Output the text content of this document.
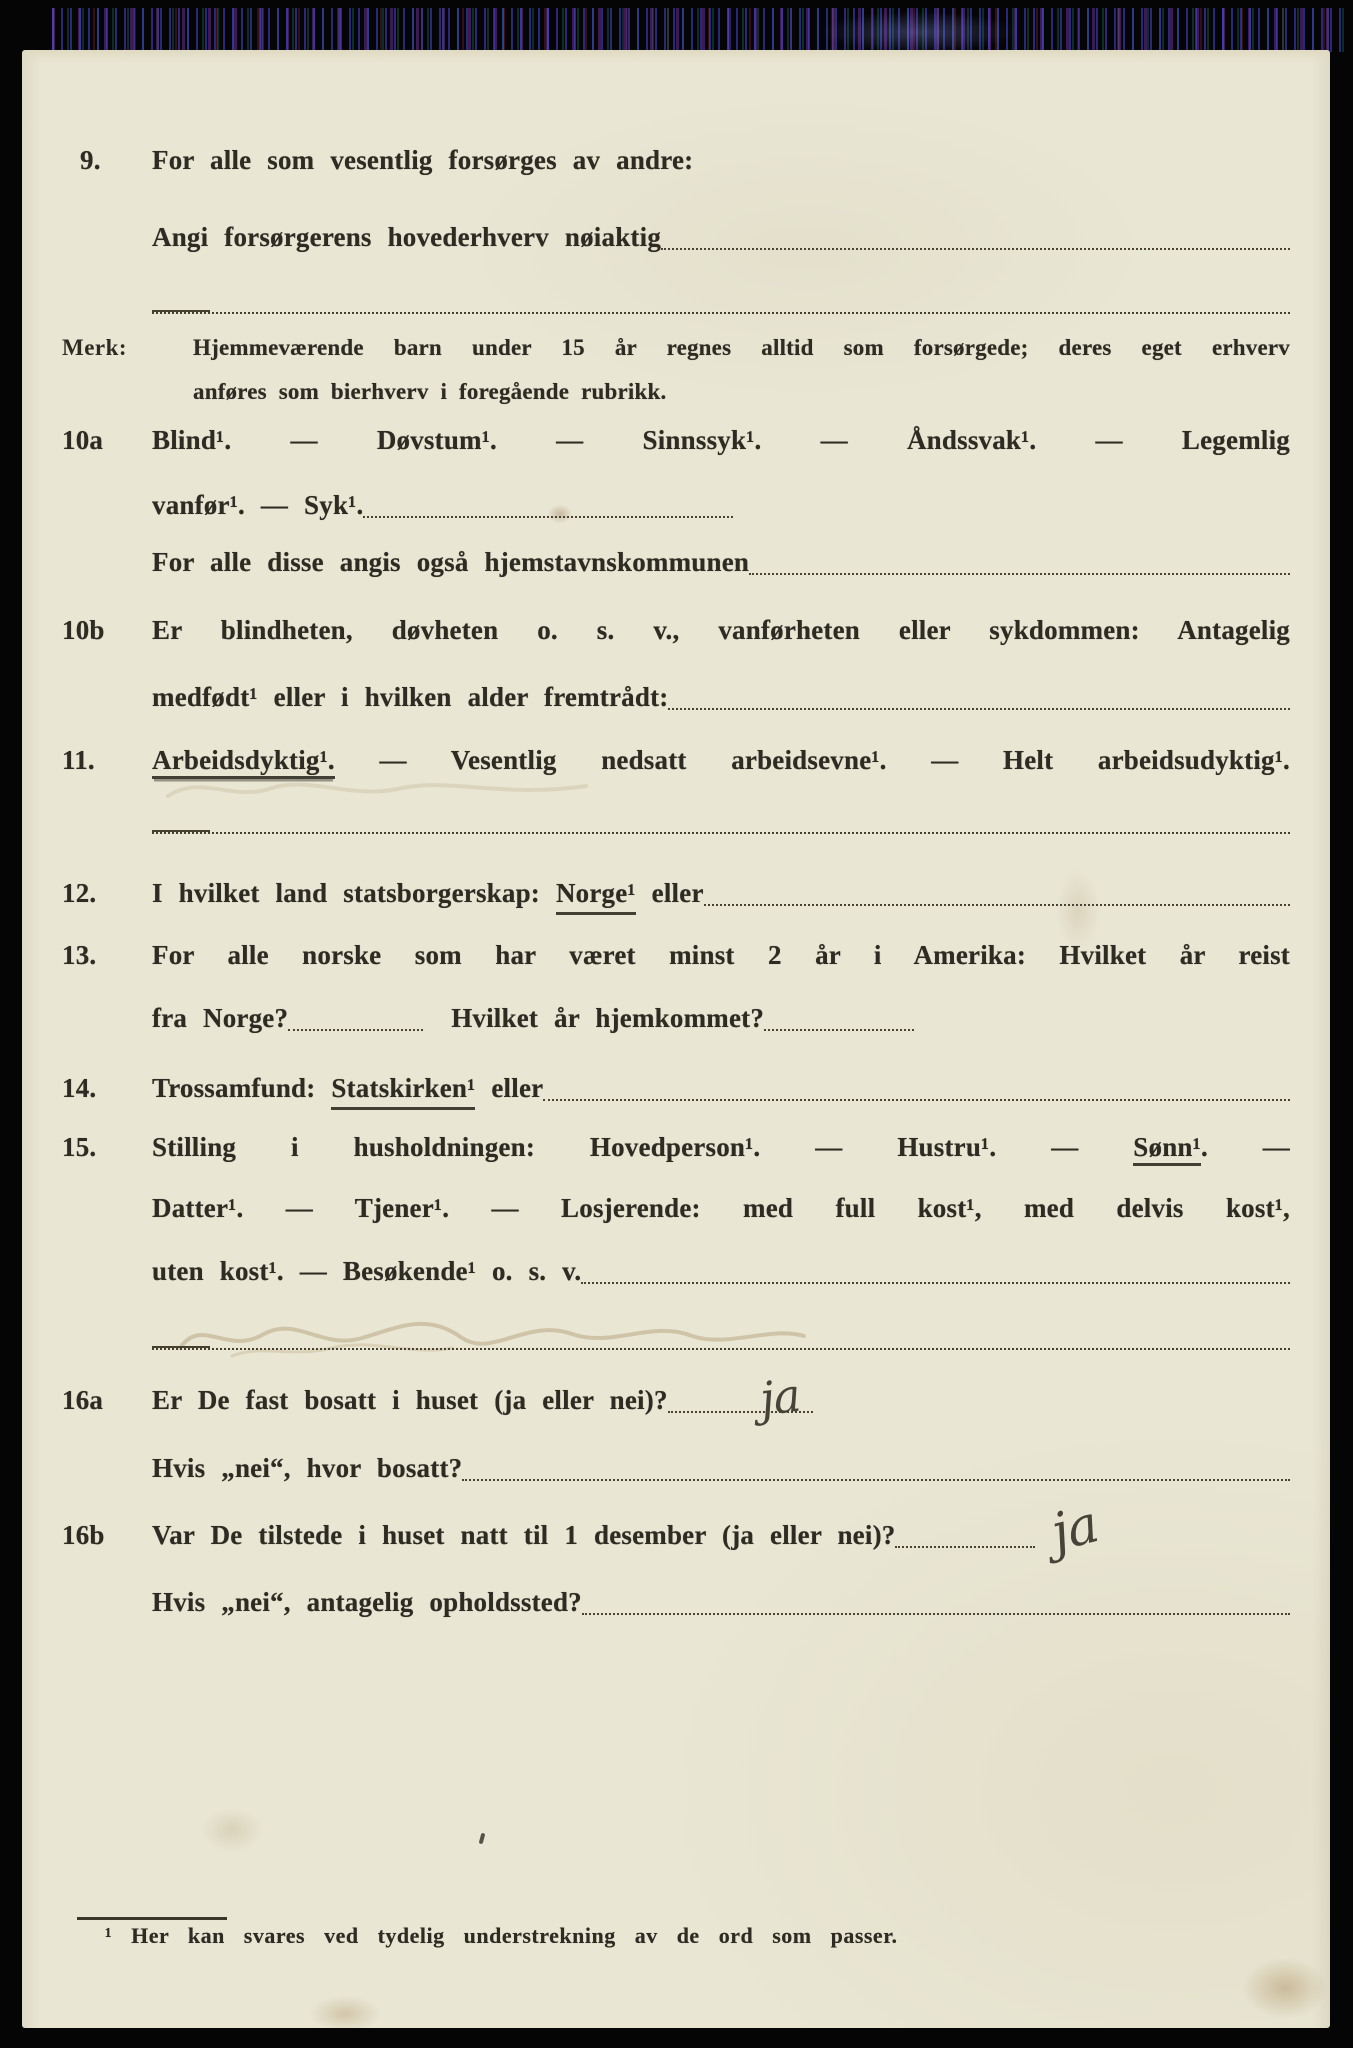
9.	For alle som vesentlig forsørges av andre:
Angi forsørgerens hovederhverv nøiaktig
Merk:	Hjemmeværende barn under 15 år regnes alltid som forsørgede; deres eget erhverv
anføres som bierhverv i foregående rubrikk.
10a	Blind¹. — Døvstum¹. — Sinnssyk¹. — Åndssvak¹. — Legemlig
vanfør¹. — Syk¹.
For alle disse angis også hjemstavnskommunen
10b	Er blindheten, døvheten o. s. v., vanførheten eller sykdommen: Antagelig
medfødt¹ eller i hvilken alder fremtrådt:
11.	Arbeidsdyktig¹. — Vesentlig nedsatt arbeidsevne¹. — Helt arbeidsudyktig¹.
12.	I hvilket land statsborgerskap: Norge¹ eller
13.	For alle norske som har været minst 2 år i Amerika: Hvilket år reist
fra Norge?	Hvilket år hjemkommet?
14.	Trossamfund: Statskirken¹ eller
15.	Stilling i husholdningen: Hovedperson¹. — Hustru¹. — Sønn¹. —
Datter¹. — Tjener¹. — Losjerende: med full kost¹, med delvis kost¹,
uten kost¹. — Besøkende¹ o. s. v.
16a	Er De fast bosatt i huset (ja eller nei)? ja
Hvis „nei“, hvor bosatt?
16b	Var De tilstede i huset natt til 1 desember (ja eller nei)?	ja
Hvis „nei“, antagelig opholdssted?
¹ Her kan svares ved tydelig understrekning av de ord som passer.
